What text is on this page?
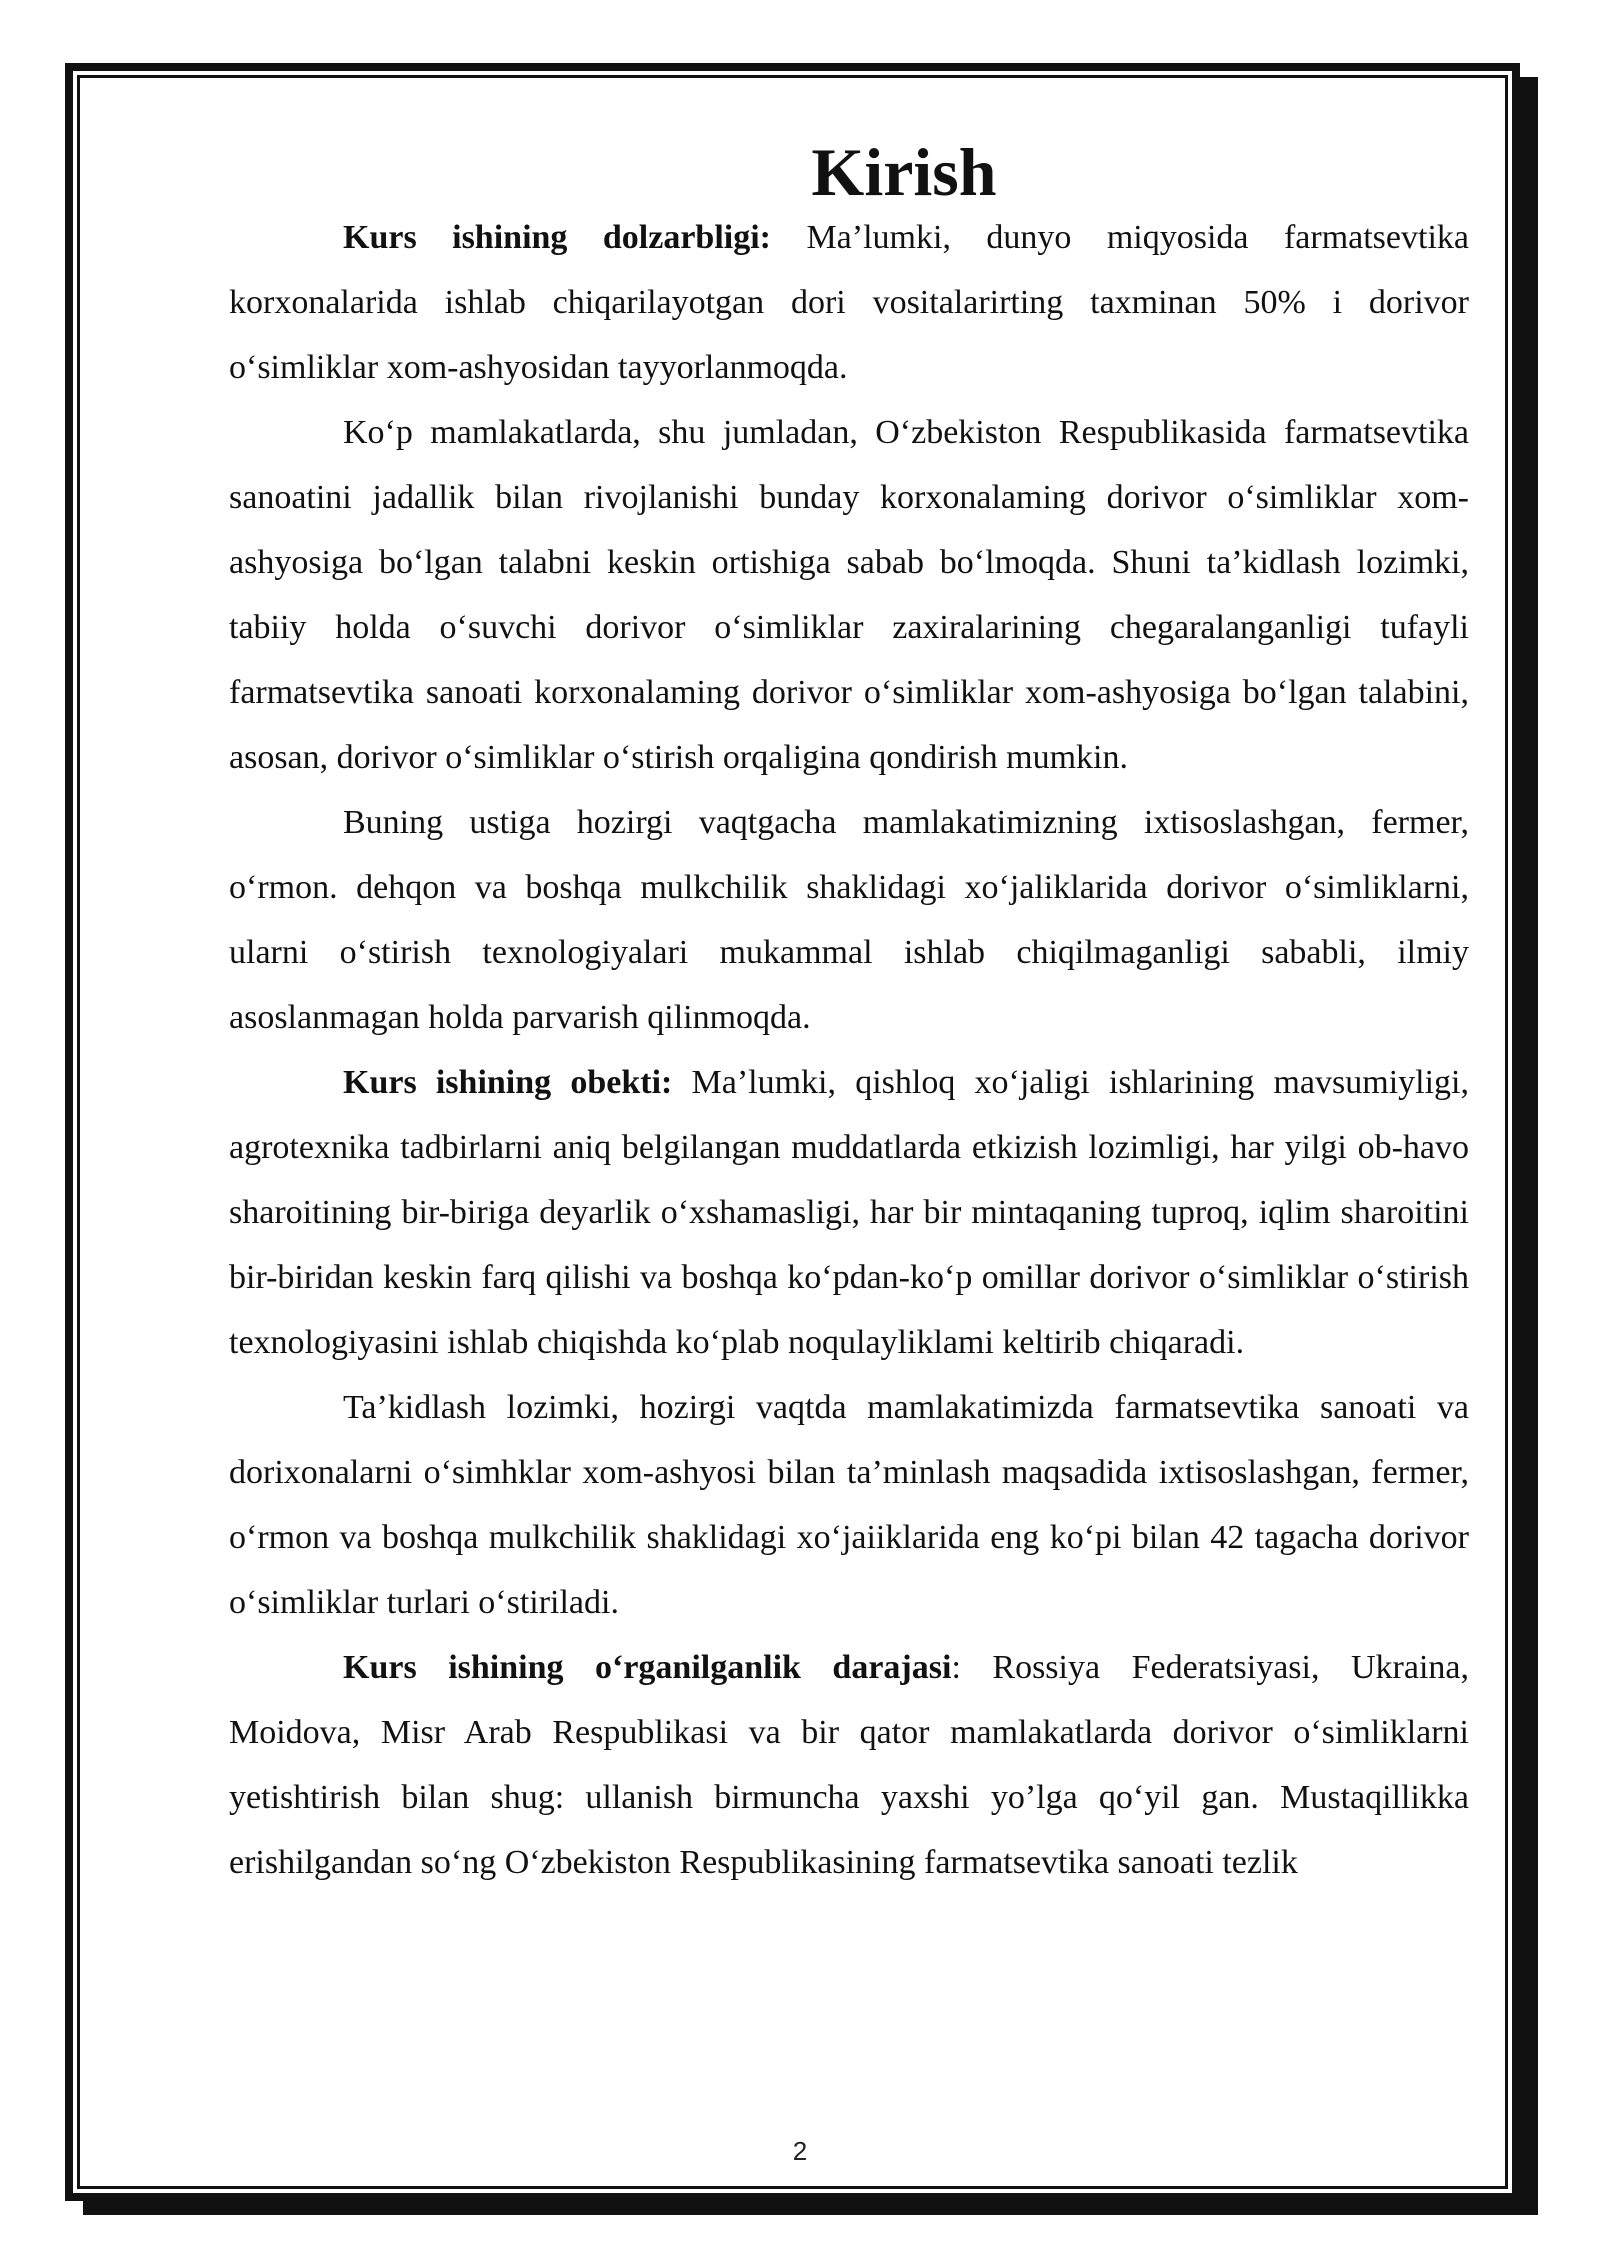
Kirish

Kurs ishining dolzarbligi: Ma’lumki, dunyo miqyosida farmatsevtika korxonalarida ishlab chiqarilayotgan dori vositalarirting taxminan 50% i dorivor o‘simliklar xom-ashyosidan tayyorlanmoqda.

Ko‘p mamlakatlarda, shu jumladan, O‘zbekiston Respublikasida farmatsevtika sanoatini jadallik bilan rivojlanishi bunday korxonalaming dorivor o‘simliklar xom-ashyosiga bo‘lgan talabni keskin ortishiga sabab bo‘lmoqda. Shuni ta’kidlash lozimki, tabiiy holda o‘suvchi dorivor o‘simliklar zaxiralarining chegaralanganligi tufayli farmatsevtika sanoati korxonalaming dorivor o‘simliklar xom-ashyosiga bo‘lgan talabini, asosan, dorivor o‘simliklar o‘stirish orqaligina qondirish mumkin.

Buning ustiga hozirgi vaqtgacha mamlakatimizning ixtisoslashgan, fermer, o‘rmon. dehqon va boshqa mulkchilik shaklidagi xo‘jaliklarida dorivor o‘simliklarni, ularni o‘stirish texnologiyalari mukammal ishlab chiqilmaganligi sababli, ilmiy asoslanmagan holda parvarish qilinmoqda.

Kurs ishining obekti: Ma’lumki, qishloq xo‘jaligi ishlarining mavsumiyligi, agrotexnika tadbirlarni aniq belgilangan muddatlarda etkizish lozimligi, har yilgi ob-havo sharoitining bir-biriga deyarlik o‘xshamasligi, har bir mintaqaning tuproq, iqlim sharoitini bir-biridan keskin farq qilishi va boshqa ko‘pdan-ko‘p omillar dorivor o‘simliklar o‘stirish texnologiyasini ishlab chiqishda ko‘plab noqulayliklami keltirib chiqaradi.

Ta’kidlash lozimki, hozirgi vaqtda mamlakatimizda farmatsevtika sanoati va dorixonalarni o‘simhklar xom-ashyosi bilan ta’minlash maqsadida ixtisoslashgan, fermer, o‘rmon va boshqa mulkchilik shaklidagi xo‘jaiiklarida eng ko‘pi bilan 42 tagacha dorivor o‘simliklar turlari o‘stiriladi.

Kurs ishining o‘rganilganlik darajasi: Rossiya Federatsiyasi, Ukraina, Moidova, Misr Arab Respublikasi va bir qator mamlakatlarda dorivor o‘simliklarni yetishtirish bilan shug: ullanish birmuncha yaxshi yo’lga qo‘yil gan. Mustaqillikka erishilgandan so‘ng O‘zbekiston Respublikasining farmatsevtika sanoati tezlik

2
